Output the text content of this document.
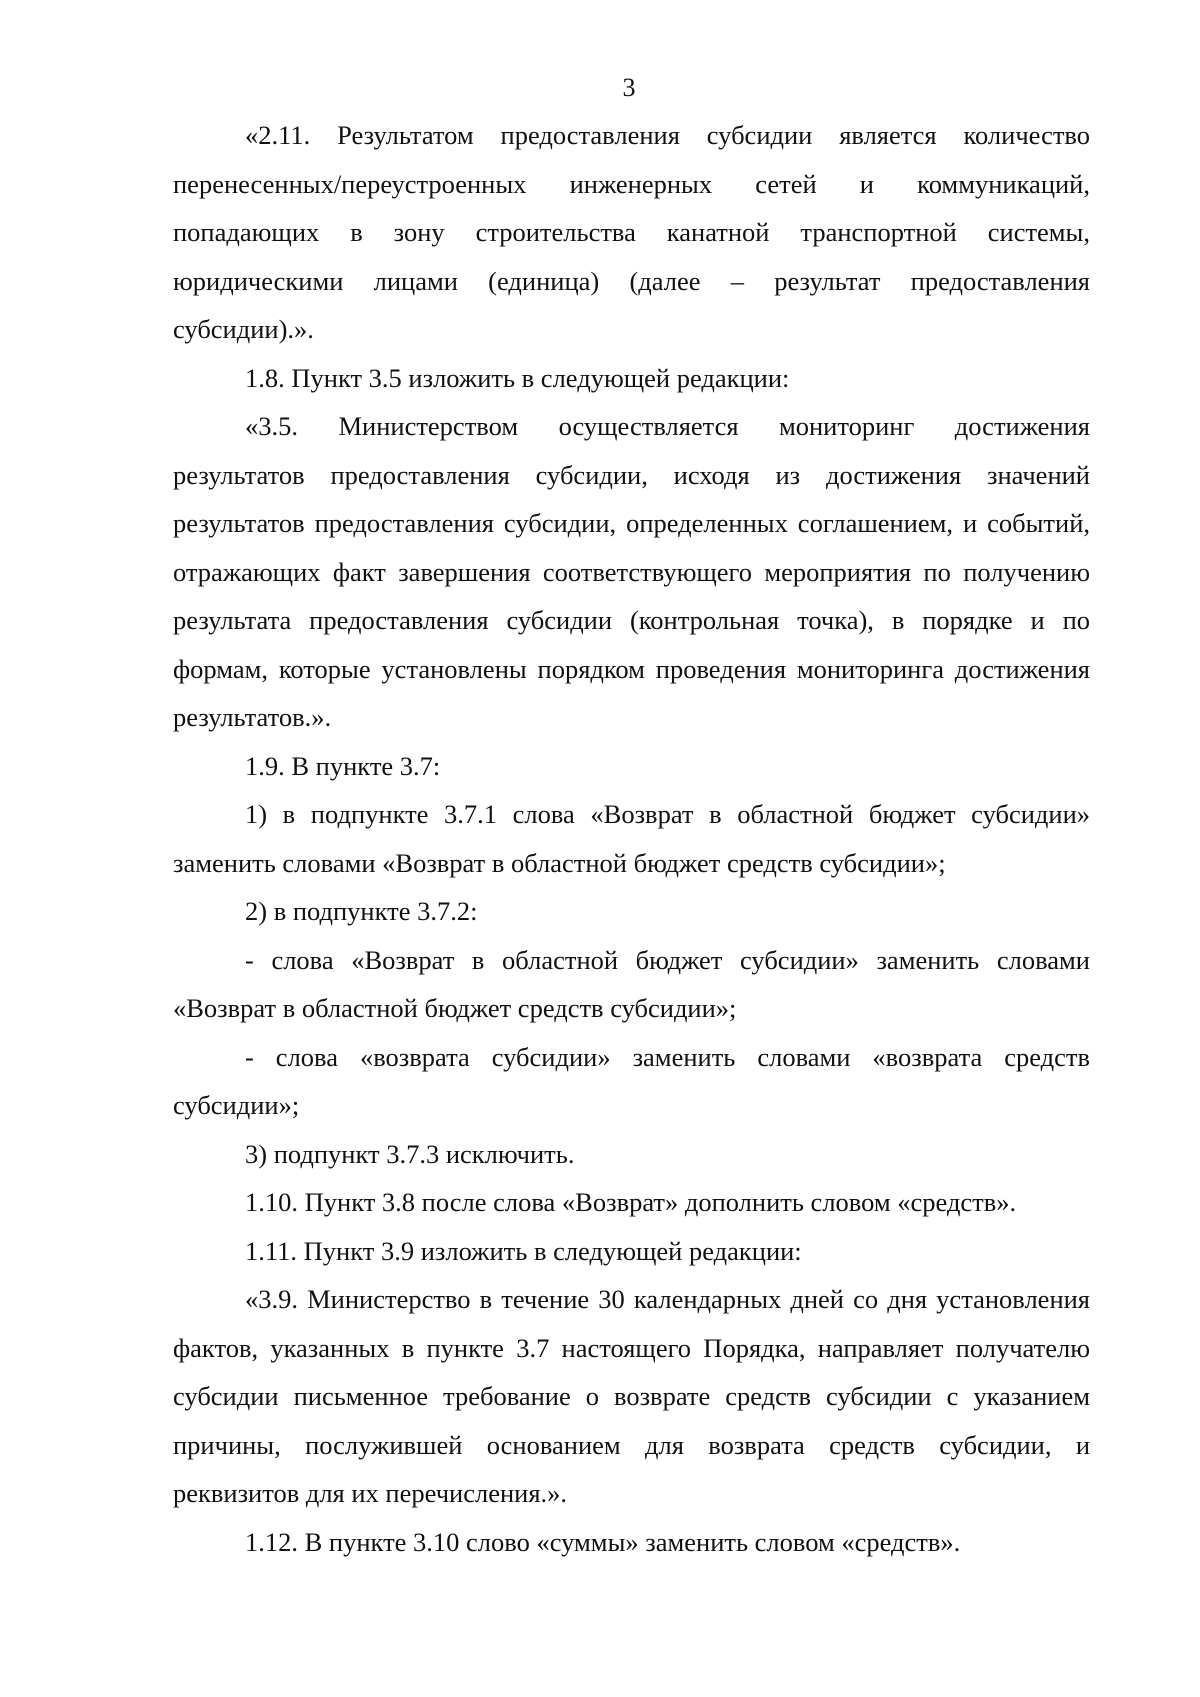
3

«2.11. Результатом предоставления субсидии является количество перенесенных/переустроенных инженерных сетей и коммуникаций, попадающих в зону строительства канатной транспортной системы, юридическими лицами (единица) (далее – результат предоставления субсидии).».

1.8. Пункт 3.5 изложить в следующей редакции:

«3.5. Министерством осуществляется мониторинг достижения результатов предоставления субсидии, исходя из достижения значений результатов предоставления субсидии, определенных соглашением, и событий, отражающих факт завершения соответствующего мероприятия по получению результата предоставления субсидии (контрольная точка), в порядке и по формам, которые установлены порядком проведения мониторинга достижения результатов.».

1.9. В пункте 3.7:

1) в подпункте 3.7.1 слова «Возврат в областной бюджет субсидии» заменить словами «Возврат в областной бюджет средств субсидии»;

2) в подпункте 3.7.2:

- слова «Возврат в областной бюджет субсидии» заменить словами «Возврат в областной бюджет средств субсидии»;

- слова «возврата субсидии» заменить словами «возврата средств субсидии»;

3) подпункт 3.7.3 исключить.

1.10. Пункт 3.8 после слова «Возврат» дополнить словом «средств».

1.11. Пункт 3.9 изложить в следующей редакции:

«3.9. Министерство в течение 30 календарных дней со дня установления фактов, указанных в пункте 3.7 настоящего Порядка, направляет получателю субсидии письменное требование о возврате средств субсидии с указанием причины, послужившей основанием для возврата средств субсидии, и реквизитов для их перечисления.».

1.12. В пункте 3.10 слово «суммы» заменить словом «средств».
